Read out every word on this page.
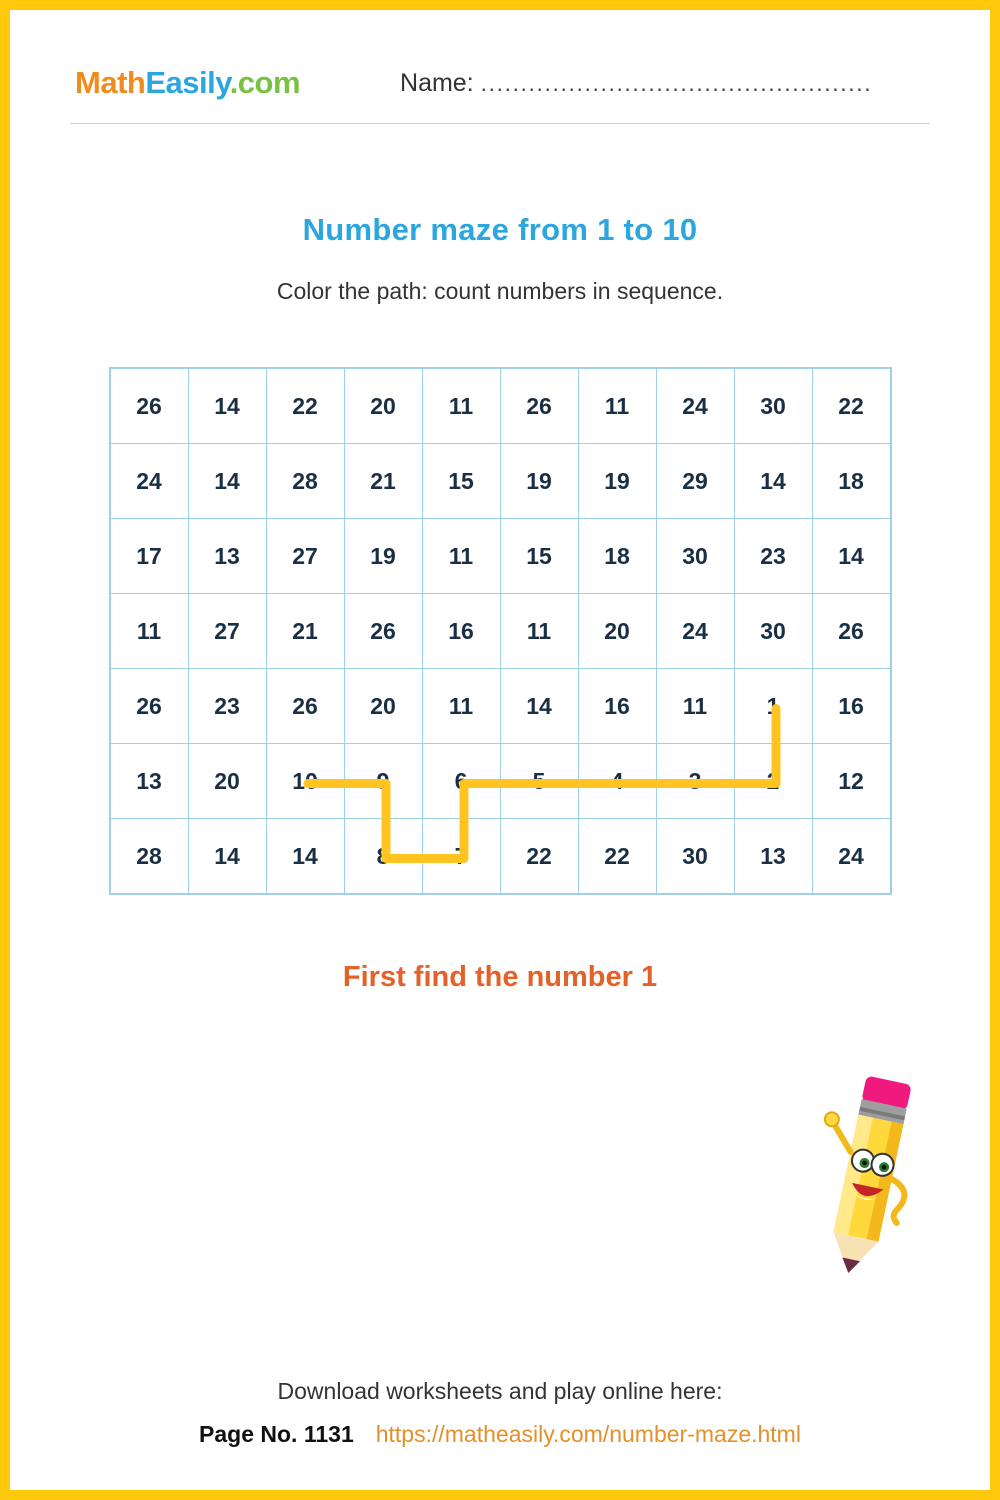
MathEasily.com	Name: .................................................
Number maze from 1 to 10
Color the path: count numbers in sequence.
26	14	22	20	11	26	11	24	30	22
24	14	28	21	15	19	19	29	14	18
17	13	27	19	11	15	18	30	23	14
11	27	21	26	16	11	20	24	30	26
26	23	26	20	11	14	16	11	1	16
13	20	10	9	6	5	4	3	2	12
28	14	14	8	7	22	22	30	13	24
First find the number 1
Download worksheets and play online here:
Page No. 1131 https://matheasily.com/number-maze.html
